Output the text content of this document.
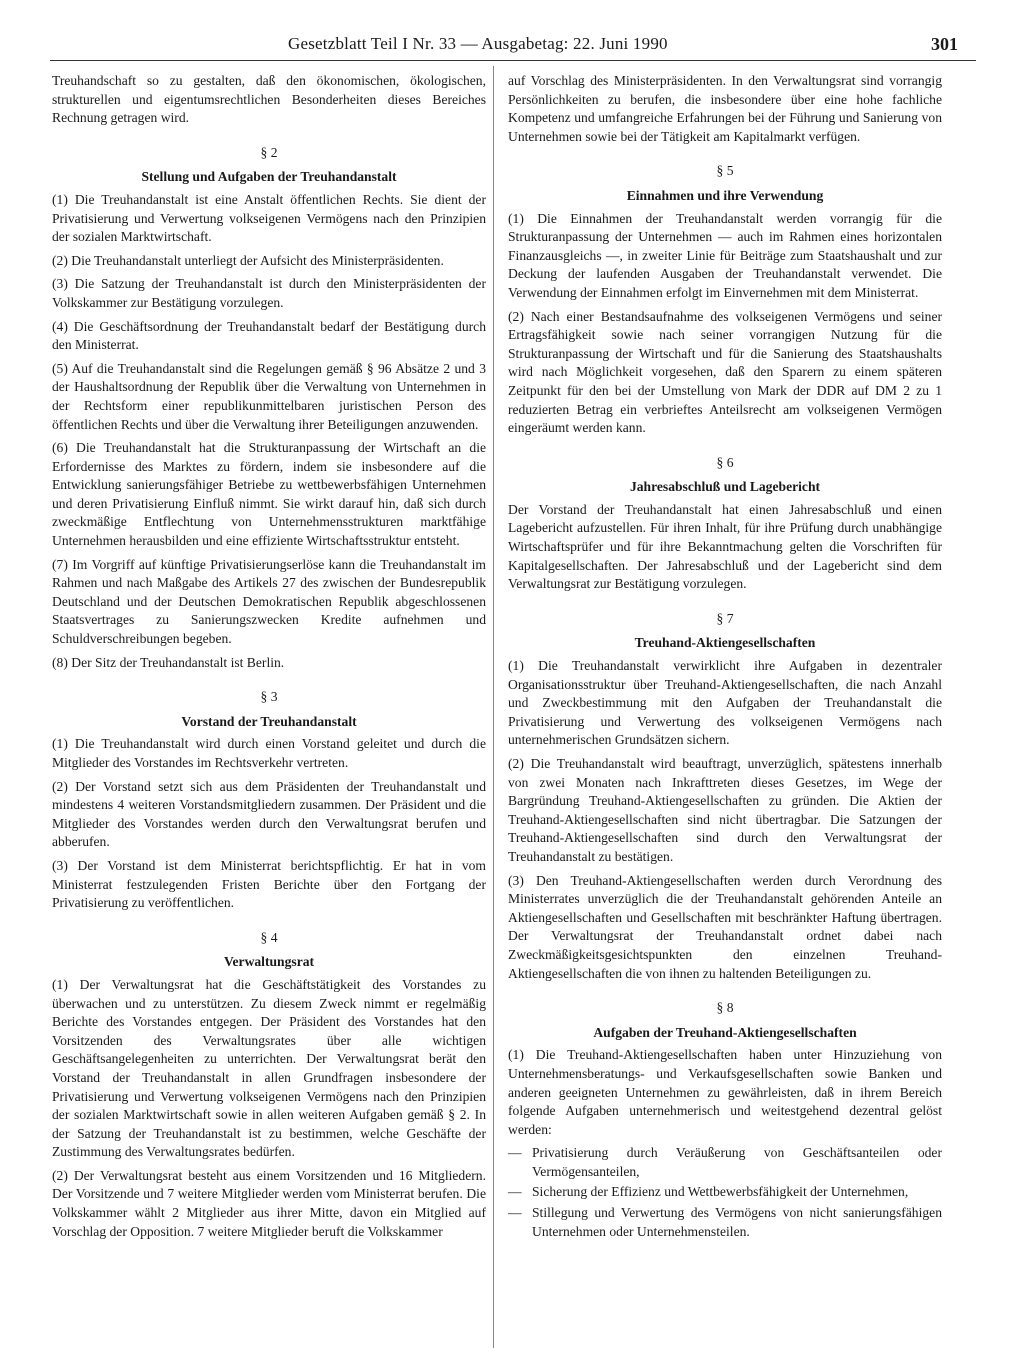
Gesetzblatt Teil I Nr. 33 — Ausgabetag: 22. Juni 1990	301

Treuhandschaft so zu gestalten, daß den ökonomischen, ökologischen, strukturellen und eigentumsrechtlichen Besonderheiten dieses Bereiches Rechnung getragen wird.

§ 2
Stellung und Aufgaben der Treuhandanstalt

(1) Die Treuhandanstalt ist eine Anstalt öffentlichen Rechts. Sie dient der Privatisierung und Verwertung volkseigenen Vermögens nach den Prinzipien der sozialen Marktwirtschaft.

(2) Die Treuhandanstalt unterliegt der Aufsicht des Ministerpräsidenten.

(3) Die Satzung der Treuhandanstalt ist durch den Ministerpräsidenten der Volkskammer zur Bestätigung vorzulegen.

(4) Die Geschäftsordnung der Treuhandanstalt bedarf der Bestätigung durch den Ministerrat.

(5) Auf die Treuhandanstalt sind die Regelungen gemäß § 96 Absätze 2 und 3 der Haushaltsordnung der Republik über die Verwaltung von Unternehmen in der Rechtsform einer republikunmittelbaren juristischen Person des öffentlichen Rechts und über die Verwaltung ihrer Beteiligungen anzuwenden.

(6) Die Treuhandanstalt hat die Strukturanpassung der Wirtschaft an die Erfordernisse des Marktes zu fördern, indem sie insbesondere auf die Entwicklung sanierungsfähiger Betriebe zu wettbewerbsfähigen Unternehmen und deren Privatisierung Einfluß nimmt. Sie wirkt darauf hin, daß sich durch zweckmäßige Entflechtung von Unternehmensstrukturen marktfähige Unternehmen herausbilden und eine effiziente Wirtschaftsstruktur entsteht.

(7) Im Vorgriff auf künftige Privatisierungserlöse kann die Treuhandanstalt im Rahmen und nach Maßgabe des Artikels 27 des zwischen der Bundesrepublik Deutschland und der Deutschen Demokratischen Republik abgeschlossenen Staatsvertrages zu Sanierungszwecken Kredite aufnehmen und Schuldverschreibungen begeben.

(8) Der Sitz der Treuhandanstalt ist Berlin.

§ 3
Vorstand der Treuhandanstalt

(1) Die Treuhandanstalt wird durch einen Vorstand geleitet und durch die Mitglieder des Vorstandes im Rechtsverkehr vertreten.

(2) Der Vorstand setzt sich aus dem Präsidenten der Treuhandanstalt und mindestens 4 weiteren Vorstandsmitgliedern zusammen. Der Präsident und die Mitglieder des Vorstandes werden durch den Verwaltungsrat berufen und abberufen.

(3) Der Vorstand ist dem Ministerrat berichtspflichtig. Er hat in vom Ministerrat festzulegenden Fristen Berichte über den Fortgang der Privatisierung zu veröffentlichen.

§ 4
Verwaltungsrat

(1) Der Verwaltungsrat hat die Geschäftstätigkeit des Vorstandes zu überwachen und zu unterstützen. Zu diesem Zweck nimmt er regelmäßig Berichte des Vorstandes entgegen. Der Präsident des Vorstandes hat den Vorsitzenden des Verwaltungsrates über alle wichtigen Geschäftsangelegenheiten zu unterrichten. Der Verwaltungsrat berät den Vorstand der Treuhandanstalt in allen Grundfragen insbesondere der Privatisierung und Verwertung volkseigenen Vermögens nach den Prinzipien der sozialen Marktwirtschaft sowie in allen weiteren Aufgaben gemäß § 2. In der Satzung der Treuhandanstalt ist zu bestimmen, welche Geschäfte der Zustimmung des Verwaltungsrates bedürfen.

(2) Der Verwaltungsrat besteht aus einem Vorsitzenden und 16 Mitgliedern. Der Vorsitzende und 7 weitere Mitglieder werden vom Ministerrat berufen. Die Volkskammer wählt 2 Mitglieder aus ihrer Mitte, davon ein Mitglied auf Vorschlag der Opposition. 7 weitere Mitglieder beruft die Volkskammer

auf Vorschlag des Ministerpräsidenten. In den Verwaltungsrat sind vorrangig Persönlichkeiten zu berufen, die insbesondere über eine hohe fachliche Kompetenz und umfangreiche Erfahrungen bei der Führung und Sanierung von Unternehmen sowie bei der Tätigkeit am Kapitalmarkt verfügen.

§ 5
Einnahmen und ihre Verwendung

(1) Die Einnahmen der Treuhandanstalt werden vorrangig für die Strukturanpassung der Unternehmen — auch im Rahmen eines horizontalen Finanzausgleichs —, in zweiter Linie für Beiträge zum Staatshaushalt und zur Deckung der laufenden Ausgaben der Treuhandanstalt verwendet. Die Verwendung der Einnahmen erfolgt im Einvernehmen mit dem Ministerrat.

(2) Nach einer Bestandsaufnahme des volkseigenen Vermögens und seiner Ertragsfähigkeit sowie nach seiner vorrangigen Nutzung für die Strukturanpassung der Wirtschaft und für die Sanierung des Staatshaushalts wird nach Möglichkeit vorgesehen, daß den Sparern zu einem späteren Zeitpunkt für den bei der Umstellung von Mark der DDR auf DM 2 zu 1 reduzierten Betrag ein verbrieftes Anteilsrecht am volkseigenen Vermögen eingeräumt werden kann.

§ 6
Jahresabschluß und Lagebericht

Der Vorstand der Treuhandanstalt hat einen Jahresabschluß und einen Lagebericht aufzustellen. Für ihren Inhalt, für ihre Prüfung durch unabhängige Wirtschaftsprüfer und für ihre Bekanntmachung gelten die Vorschriften für Kapitalgesellschaften. Der Jahresabschluß und der Lagebericht sind dem Verwaltungsrat zur Bestätigung vorzulegen.

§ 7
Treuhand-Aktiengesellschaften

(1) Die Treuhandanstalt verwirklicht ihre Aufgaben in dezentraler Organisationsstruktur über Treuhand-Aktiengesellschaften, die nach Anzahl und Zweckbestimmung mit den Aufgaben der Treuhandanstalt die Privatisierung und Verwertung des volkseigenen Vermögens nach unternehmerischen Grundsätzen sichern.

(2) Die Treuhandanstalt wird beauftragt, unverzüglich, spätestens innerhalb von zwei Monaten nach Inkrafttreten dieses Gesetzes, im Wege der Bargründung Treuhand-Aktiengesellschaften zu gründen. Die Aktien der Treuhand-Aktiengesellschaften sind nicht übertragbar. Die Satzungen der Treuhand-Aktiengesellschaften sind durch den Verwaltungsrat der Treuhandanstalt zu bestätigen.

(3) Den Treuhand-Aktiengesellschaften werden durch Verordnung des Ministerrates unverzüglich die der Treuhandanstalt gehörenden Anteile an Aktiengesellschaften und Gesellschaften mit beschränkter Haftung übertragen. Der Verwaltungsrat der Treuhandanstalt ordnet dabei nach Zweckmäßigkeitsgesichtspunkten den einzelnen Treuhand-Aktiengesellschaften die von ihnen zu haltenden Beteiligungen zu.

§ 8
Aufgaben der Treuhand-Aktiengesellschaften

(1) Die Treuhand-Aktiengesellschaften haben unter Hinzuziehung von Unternehmensberatungs- und Verkaufsgesellschaften sowie Banken und anderen geeigneten Unternehmen zu gewährleisten, daß in ihrem Bereich folgende Aufgaben unternehmerisch und weitestgehend dezentral gelöst werden:

— Privatisierung durch Veräußerung von Geschäftsanteilen oder Vermögensanteilen,
— Sicherung der Effizienz und Wettbewerbsfähigkeit der Unternehmen,
— Stillegung und Verwertung des Vermögens von nicht sanierungsfähigen Unternehmen oder Unternehmensteilen.
